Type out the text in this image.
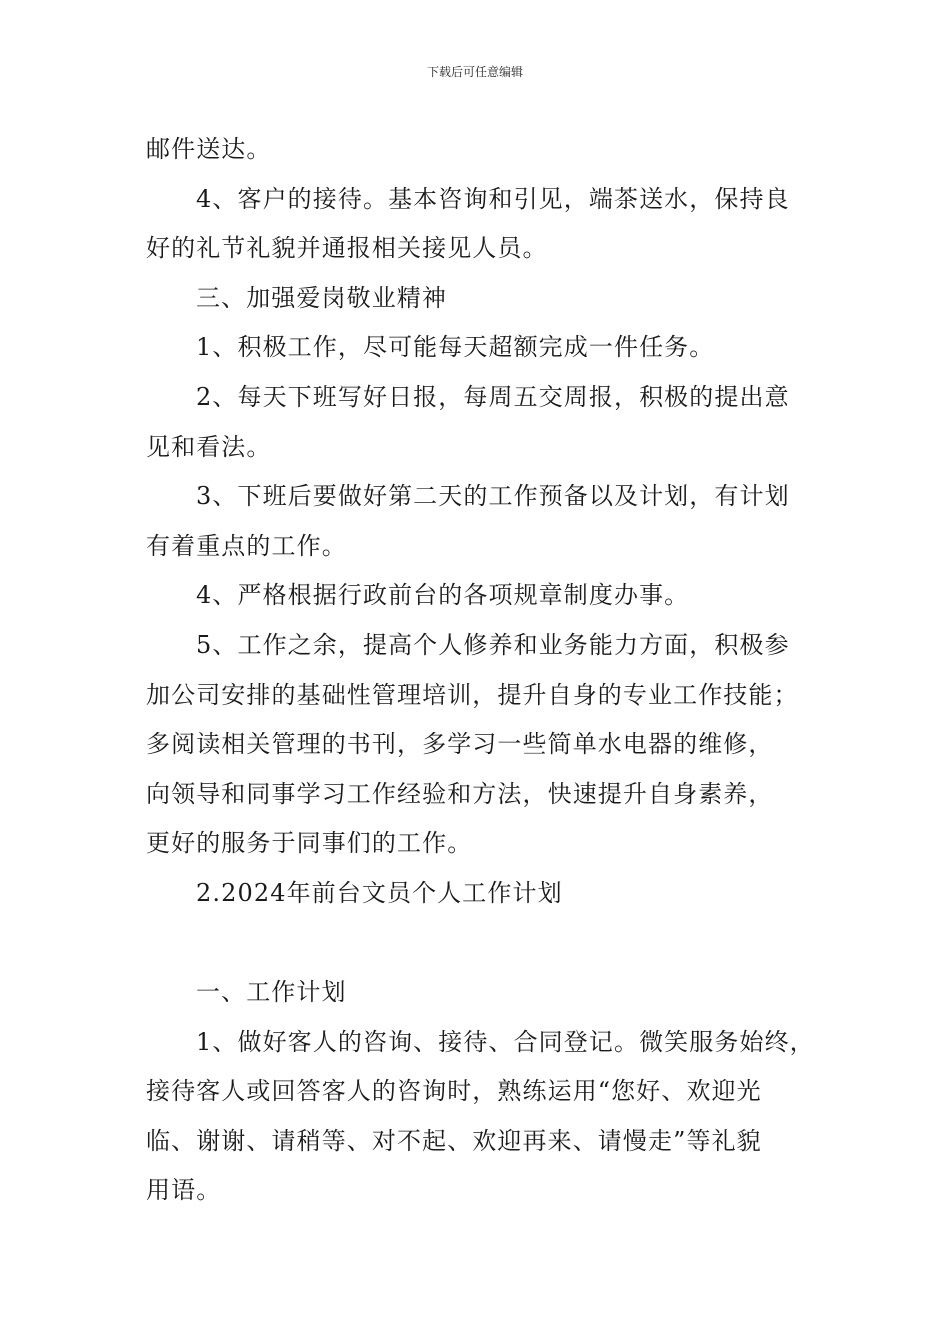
下载后可任意编辑
邮件送达。
4、客户的接待。基本咨询和引见，端茶送水，保持良
好的礼节礼貌并通报相关接见人员。
三、加强爱岗敬业精神
1、积极工作，尽可能每天超额完成一件任务。
2、每天下班写好日报，每周五交周报，积极的提出意
见和看法。
3、下班后要做好第二天的工作预备以及计划，有计划
有着重点的工作。
4、严格根据行政前台的各项规章制度办事。
5、工作之余，提高个人修养和业务能力方面，积极参
加公司安排的基础性管理培训，提升自身的专业工作技能；
多阅读相关管理的书刊，多学习一些简单水电器的维修，
向领导和同事学习工作经验和方法，快速提升自身素养，
更好的服务于同事们的工作。
2.2024年前台文员个人工作计划
一、工作计划
1、做好客人的咨询、接待、合同登记。微笑服务始终，
接待客人或回答客人的咨询时，熟练运用“您好、欢迎光
临、谢谢、请稍等、对不起、欢迎再来、请慢走”等礼貌
用语。
